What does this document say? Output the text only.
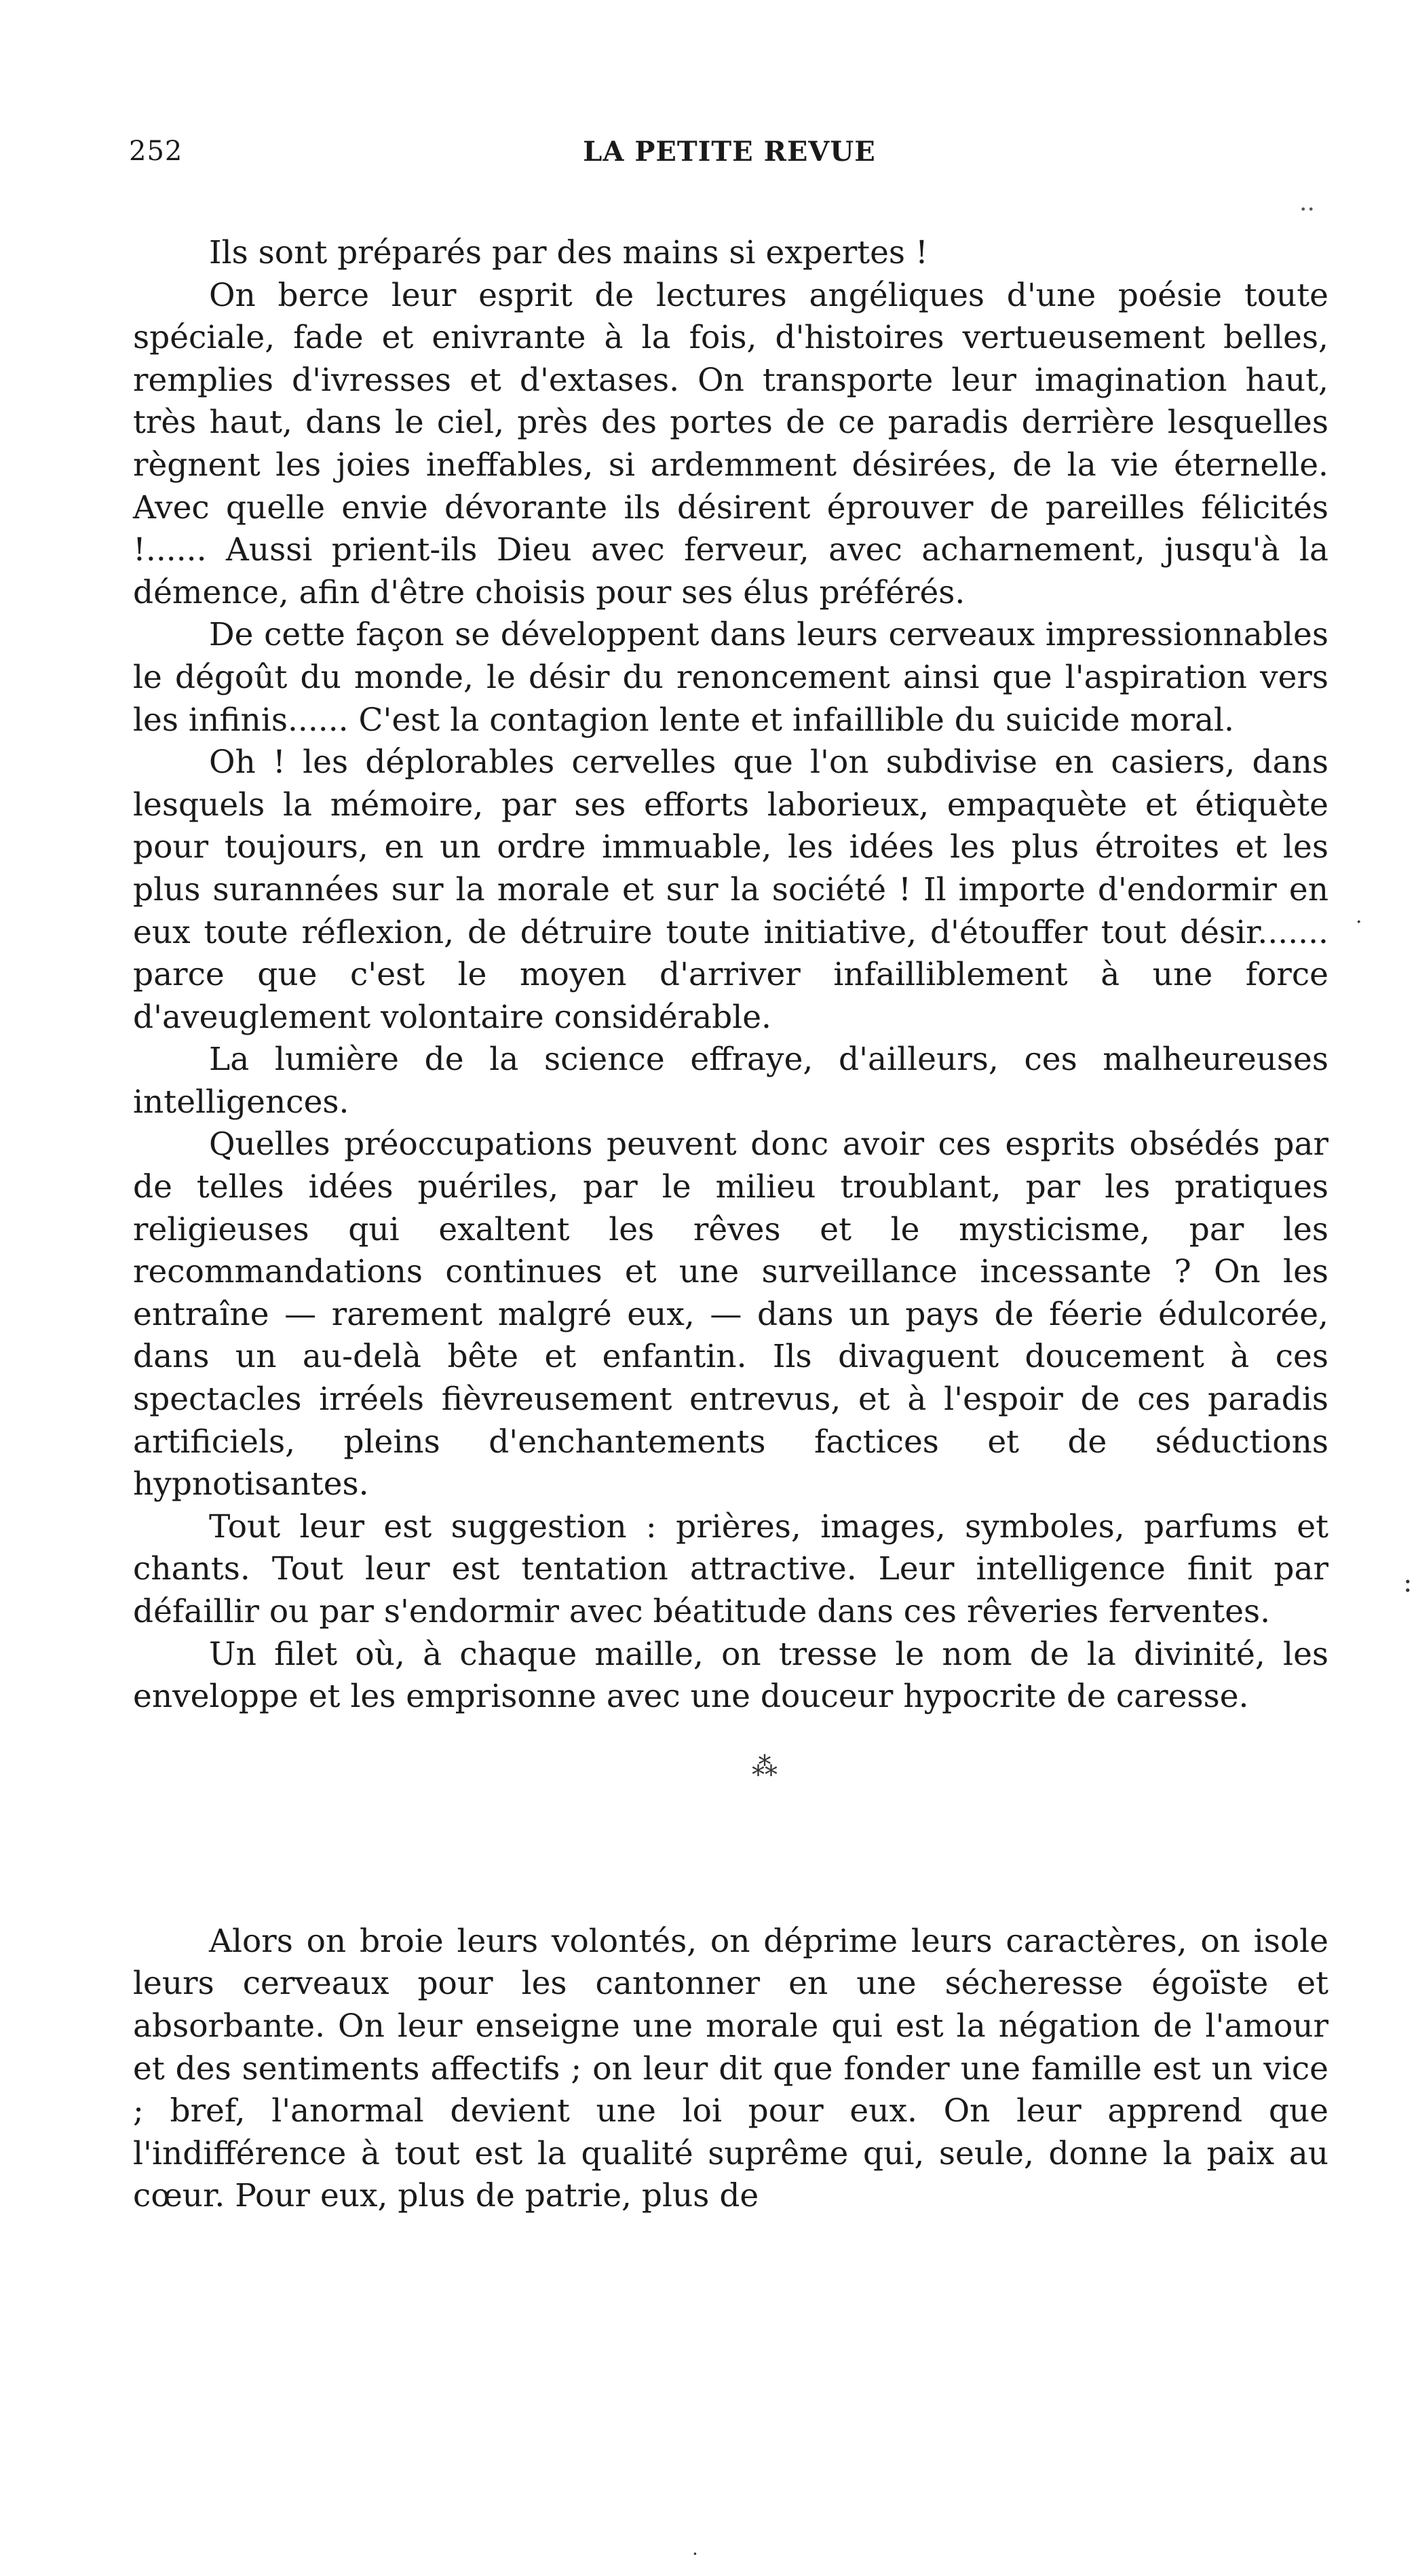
252	LA PETITE REVUE
..

Ils sont préparés par des mains si expertes !

On berce leur esprit de lectures angéliques d'une poésie toute spéciale, fade et enivrante à la fois, d'histoires vertueusement belles, remplies d'ivresses et d'extases. On transporte leur imagination haut, très haut, dans le ciel, près des portes de ce paradis derrière lesquelles règnent les joies ineffables, si ardemment désirées, de la vie éternelle. Avec quelle envie dévorante ils désirent éprouver de pareilles félicités !...... Aussi prient-ils Dieu avec ferveur, avec acharnement, jusqu'à la démence, afin d'être choisis pour ses élus préférés.

De cette façon se développent dans leurs cerveaux impressionnables le dégoût du monde, le désir du renoncement ainsi que l'aspiration vers les infinis...... C'est la contagion lente et infaillible du suicide moral.

Oh ! les déplorables cervelles que l'on subdivise en casiers, dans lesquels la mémoire, par ses efforts laborieux, empaquète et étiquète pour toujours, en un ordre immuable, les idées les plus étroites et les plus surannées sur la morale et sur la société ! Il importe d'endormir en eux toute réflexion, de détruire toute initiative, d'étouffer tout désir....... parce que c'est le moyen d'arriver infailliblement à une force d'aveuglement volontaire considérable.

La lumière de la science effraye, d'ailleurs, ces malheureuses intelligences.

Quelles préoccupations peuvent donc avoir ces esprits obsédés par de telles idées puériles, par le milieu troublant, par les pratiques religieuses qui exaltent les rêves et le mysticisme, par les recommandations continues et une surveillance incessante ? On les entraîne — rarement malgré eux, — dans un pays de féerie édulcorée, dans un au-delà bête et enfantin. Ils divaguent doucement à ces spectacles irréels fièvreusement entrevus, et à l'espoir de ces paradis artificiels, pleins d'enchantements factices et de séductions hypnotisantes.

Tout leur est suggestion : prières, images, symboles, parfums et chants. Tout leur est tentation attractive. Leur intelligence finit par défaillir ou par s'endormir avec béatitude dans ces rêveries ferventes.

Un filet où, à chaque maille, on tresse le nom de la divinité, les enveloppe et les emprisonne avec une douceur hypocrite de caresse.

⁂

Alors on broie leurs volontés, on déprime leurs caractères, on isole leurs cerveaux pour les cantonner en une sécheresse égoïste et absorbante. On leur enseigne une morale qui est la négation de l'amour et des sentiments affectifs ; on leur dit que fonder une famille est un vice ; bref, l'anormal devient une loi pour eux. On leur apprend que l'indifférence à tout est la qualité suprême qui, seule, donne la paix au cœur. Pour eux, plus de patrie, plus de

.
:
·
